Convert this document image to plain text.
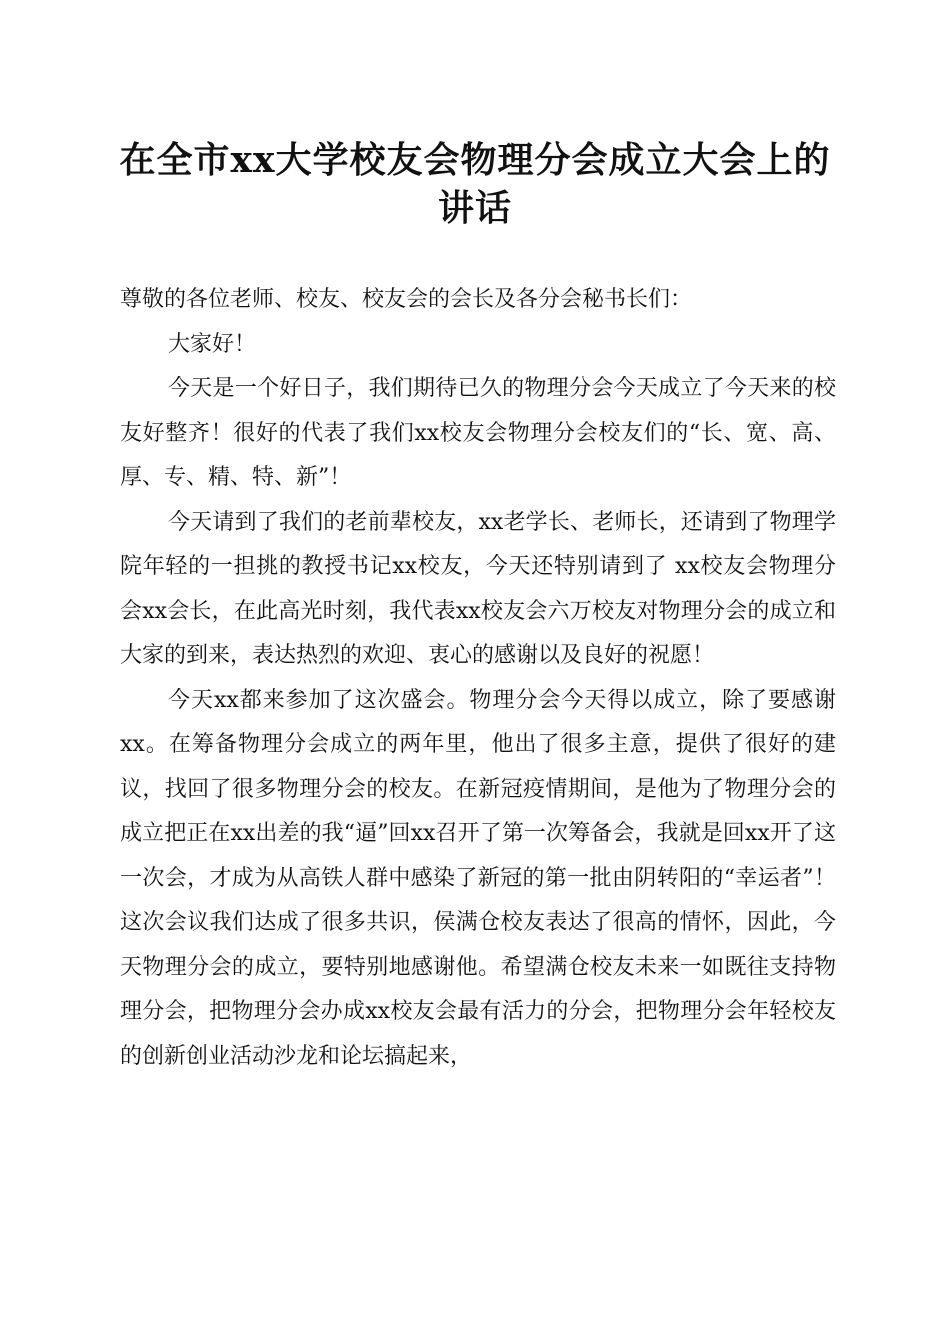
在全市xx大学校友会物理分会成立大会上的讲话

尊敬的各位老师、校友、校友会的会长及各分会秘书长们：

大家好！

今天是一个好日子，我们期待已久的物理分会今天成立了今天来的校友好整齐！很好的代表了我们xx校友会物理分会校友们的“长、宽、高、厚、专、精、特、新”！

今天请到了我们的老前辈校友，xx老学长、老师长，还请到了物理学院年轻的一担挑的教授书记xx校友，今天还特别请到了 xx校友会物理分会xx会长，在此高光时刻，我代表xx校友会六万校友对物理分会的成立和大家的到来，表达热烈的欢迎、衷心的感谢以及良好的祝愿！

今天xx都来参加了这次盛会。物理分会今天得以成立，除了要感谢xx。在筹备物理分会成立的两年里，他出了很多主意，提供了很好的建议，找回了很多物理分会的校友。在新冠疫情期间，是他为了物理分会的成立把正在xx出差的我“逼”回xx召开了第一次筹备会，我就是回xx开了这一次会，才成为从高铁人群中感染了新冠的第一批由阴转阳的“幸运者”！这次会议我们达成了很多共识，侯满仓校友表达了很高的情怀，因此，今天物理分会的成立，要特别地感谢他。希望满仓校友未来一如既往支持物理分会，把物理分会办成xx校友会最有活力的分会，把物理分会年轻校友的创新创业活动沙龙和论坛搞起来，
